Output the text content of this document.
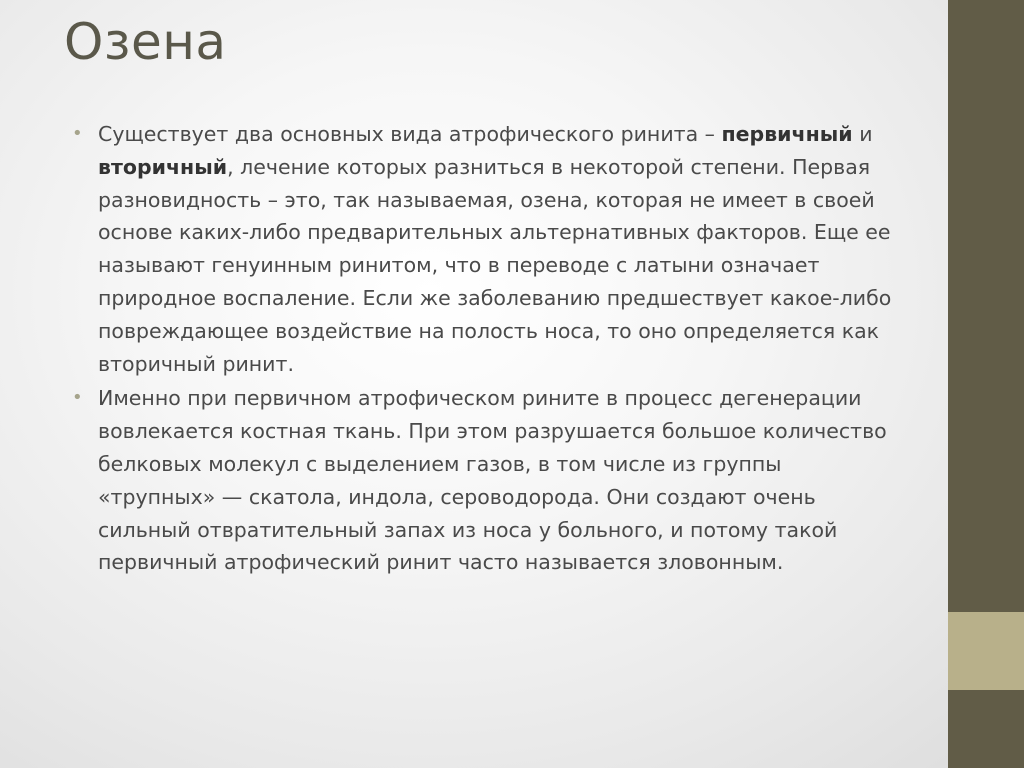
Озена
• Существует два основных вида атрофического ринита – первичный и вторичный, лечение которых разниться в некоторой степени. Первая разновидность – это, так называемая, озена, которая не имеет в своей основе каких-либо предварительных альтернативных факторов. Еще ее называют генуинным ринитом, что в переводе с латыни означает природное воспаление. Если же заболеванию предшествует какое-либо повреждающее воздействие на полость носа, то оно определяется как вторичный ринит.
• Именно при первичном атрофическом рините в процесс дегенерации вовлекается костная ткань. При этом разрушается большое количество белковых молекул с выделением газов, в том числе из группы «трупных» — скатола, индола, сероводорода. Они создают очень сильный отвратительный запах из носа у больного, и потому такой первичный атрофический ринит часто называется зловонным.
